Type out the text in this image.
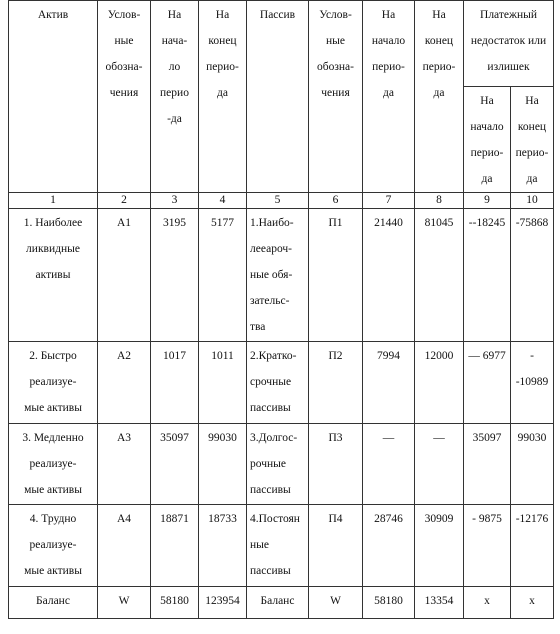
Актив	Услов-
ные
обозна-
чения	На
нача-
ло
перио
-да	На
конец
перио-
да	Пассив	Услов-
ные
обозна-
чения	На
начало
перио-
да	На
конец
перио-
да	Платежный
недостаток или
излишек	
								На
начало
перио-
да	На
конец
перио-
да
1	2	3	4	5	6	7	8	9	10
1. Наиболее
ликвидные
активы	А1	3195	5177	1.Наибо-
лееароч-
ные обя-
зательс-
тва	П1	21440	81045	--18245	-75868
2. Быстро
реализуе-
мые активы	А2	1017	1011	2.Кратко-
срочные
пассивы	П2	7994	12000	— 6977	--10989
3. Медленно
реализуе-
мые активы	А3	35097	99030	3.Долгос-
рочные
пассивы	П3	—	—	35097	99030
4. Трудно
реализуе-
мые активы	А4	18871	18733	4.Постоян
ные
пассивы	П4	28746	30909	- 9875	-12176
Баланс	W	58180	123954	Баланс	W	58180	13354	х	х
